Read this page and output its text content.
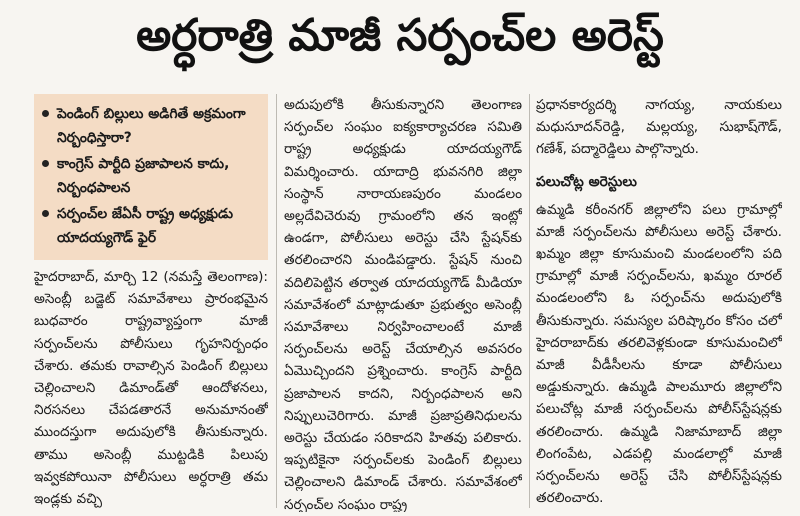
అర్ధరాత్రి మాజీ సర్పంచ్‌ల అరెస్ట్
పెండింగ్ బిల్లులు అడిగితే అక్రమంగా నిర్బంధిస్తారా?
కాంగ్రెస్ పార్టీది ప్రజాపాలన కాదు, నిర్బంధపాలన
సర్పంచ్‌ల జేఏసీ రాష్ట్ర అధ్యక్షుడు యాదయ్యగౌడ్ ఫైర్

హైదరాబాద్, మార్చి 12 (నమస్తే తెలంగాణ): అసెంబ్లీ బడ్జెట్ సమావేశాలు ప్రారంభమైన బుధవారం రాష్ట్రవ్యాప్తంగా మాజీ సర్పంచ్‌లను పోలీసులు గృహనిర్బంధం చేశారు. తమకు రావాల్సిన పెండింగ్ బిల్లులు చెల్లించాలని డిమాండ్‌తో ఆందోళనలు, నిరసనలు చేపడతారనే అనుమానంతో ముందస్తుగా అదుపులోకి తీసుకున్నారు. తాము అసెంబ్లీ ముట్టడికి పిలుపు ఇవ్వకపోయినా పోలీసులు అర్ధరాత్రి తమ ఇండ్లకు వచ్చి

అదుపులోకి తీసుకున్నారని తెలంగాణ సర్పంచ్‌ల సంఘం ఐక్యకార్యాచరణ సమితి రాష్ట్ర అధ్యక్షుడు యాదయ్యగౌడ్ విమర్శించారు. యాదాద్రి భువనగిరి జిల్లా సంస్థాన్ నారాయణపురం మండలం అల్లదేవిచెరువు గ్రామంలోని తన ఇంట్లో ఉండగా, పోలీసులు అరెస్టు చేసి స్టేషన్‌కు తరలించారని మండిపడ్డారు. స్టేషన్ నుంచి వదిలిపెట్టిన తర్వాత యాదయ్యగౌడ్ మీడియా సమావేశంలో మాట్లాడుతూ ప్రభుత్వం అసెంబ్లీ సమావేశాలు నిర్వహించాలంటే మాజీ సర్పంచ్‌లను అరెస్ట్ చేయాల్సిన అవసరం ఏమొచ్చిందని ప్రశ్నించారు. కాంగ్రెస్ పార్టీది ప్రజాపాలన కాదని, నిర్బంధపాలన అని నిప్పులుచెరిగారు. మాజీ ప్రజాప్రతినిధులను అరెస్టు చేయడం సరికాదని హితవు పలికారు. ఇప్పటికైనా సర్పంచ్‌లకు పెండింగ్ బిల్లులు చెల్లించాలని డిమాండ్ చేశారు. సమావేశంలో సర్పంచ్‌ల సంఘం రాష్ట్ర

ప్రధానకార్యదర్శి నాగయ్య, నాయకులు మధుసూదన్‌రెడ్డి, మల్లయ్య, సుభాష్‌గౌడ్, గణేశ్, పద్మారెడ్డిలు పాల్గొన్నారు.

పలుచోట్ల అరెస్టులు

ఉమ్మడి కరీంనగర్ జిల్లాలోని పలు గ్రామాల్లో మాజీ సర్పంచ్‌లను పోలీసులు అరెస్ట్ చేశారు. ఖమ్మం జిల్లా కూసుమంచి మండలంలోని పది గ్రామాల్లో మాజీ సర్పంచ్‌లను, ఖమ్మం రూరల్ మండలంలోని ఓ సర్పంచ్‌ను అదుపులోకి తీసుకున్నారు. సమస్యల పరిష్కారం కోసం చలో హైదరాబాద్‌కు తరలివెళ్లకుండా కూసుమంచిలో మాజీ వీడీసీలను కూడా పోలీసులు అడ్డుకున్నారు. ఉమ్మడి పాలమూరు జిల్లాలోని పలుచోట్ల మాజీ సర్పంచ్‌లను పోలీస్‌స్టేషన్లకు తరలించారు. ఉమ్మడి నిజామాబాద్ జిల్లా లింగంపేట, ఎడపల్లి మండలాల్లో మాజీ సర్పంచ్‌లను అరెస్ట్ చేసి పోలీస్‌స్టేషన్లకు తరలించారు.
